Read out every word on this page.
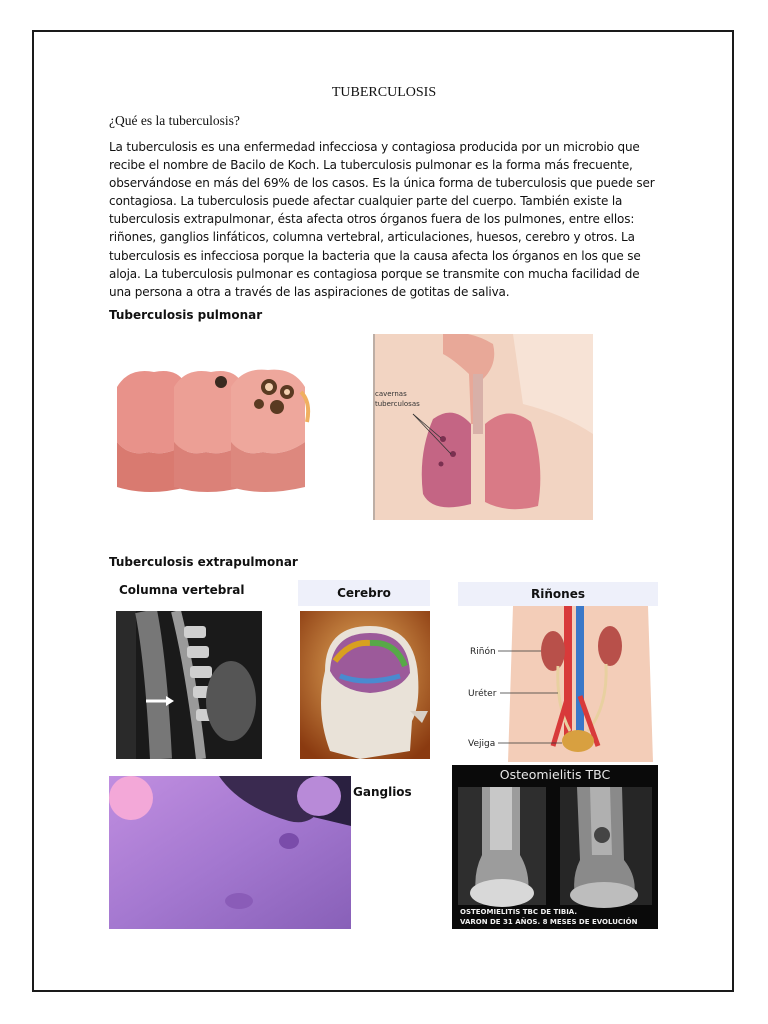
TUBERCULOSIS
¿Qué es la tuberculosis?
La tuberculosis es una enfermedad infecciosa y contagiosa producida por un microbio que recibe el nombre de Bacilo de Koch. La tuberculosis pulmonar es la forma más frecuente, observándose en más del 69% de los casos. Es la única forma de tuberculosis que puede ser contagiosa. La tuberculosis puede afectar cualquier parte del cuerpo. También existe la tuberculosis extrapulmonar, ésta afecta otros órganos fuera de los pulmones, entre ellos: riñones, ganglios linfáticos, columna vertebral, articulaciones, huesos, cerebro y otros. La tuberculosis es infecciosa porque la bacteria que la causa afecta los órganos en los que se aloja. La tuberculosis pulmonar es contagiosa porque se transmite con mucha facilidad de una persona a otra a través de las aspiraciones de gotitas de saliva.
Tuberculosis pulmonar
cavernas
tuberculosas
Tuberculosis extrapulmonar
Columna vertebral	Cerebro	Riñones
Riñón
Uréter
Vejiga
Ganglios
Osteomielitis TBC
OSTEOMIELITIS TBC DE TIBIA.
VARON DE 31 AÑOS. 8 MESES DE EVOLUCIÓN
